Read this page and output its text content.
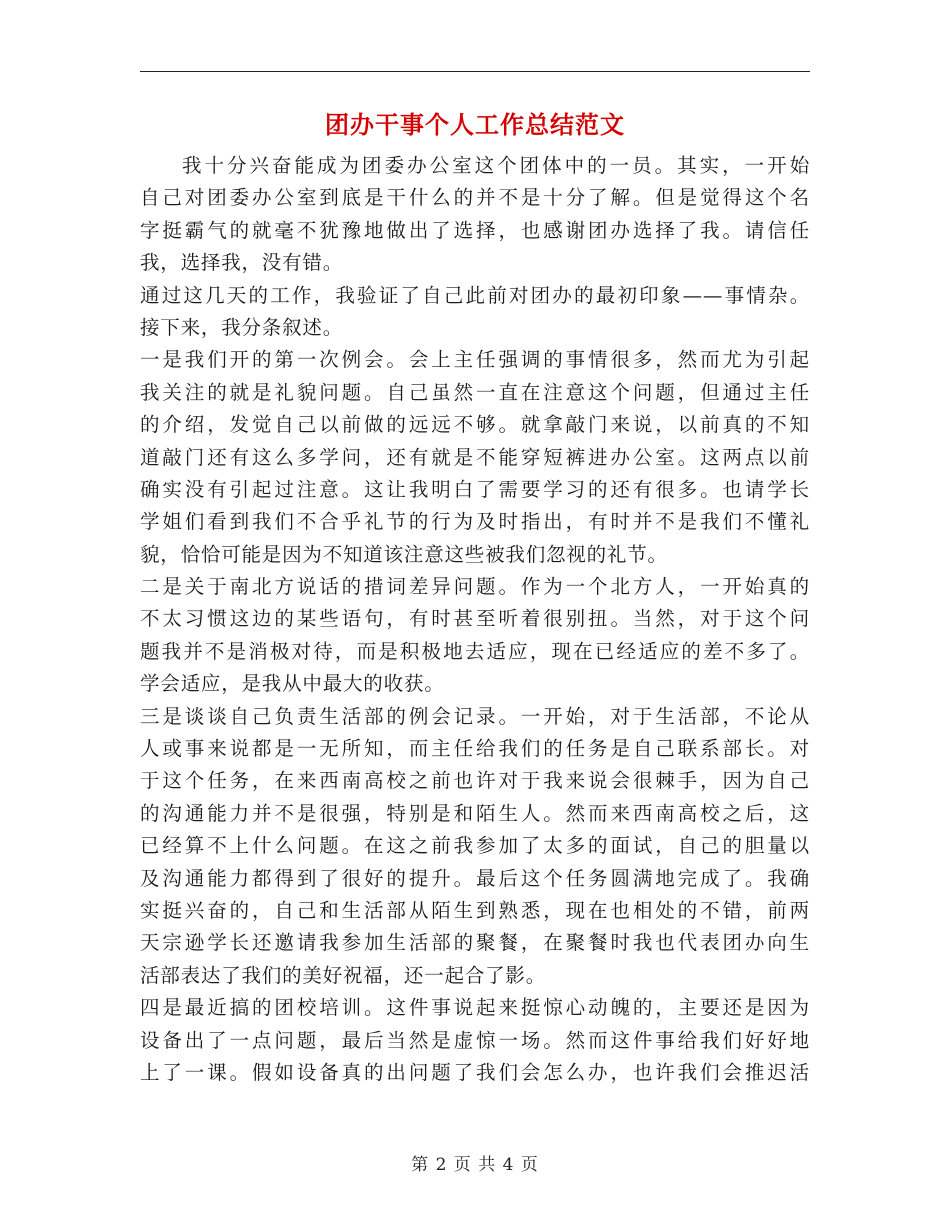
团办干事个人工作总结范文
我十分兴奋能成为团委办公室这个团体中的一员。其实，一开始
自己对团委办公室到底是干什么的并不是十分了解。但是觉得这个名
字挺霸气的就毫不犹豫地做出了选择，也感谢团办选择了我。请信任
我，选择我，没有错。
通过这几天的工作，我验证了自己此前对团办的最初印象——事情杂。
接下来，我分条叙述。
一是我们开的第一次例会。会上主任强调的事情很多，然而尤为引起
我关注的就是礼貌问题。自己虽然一直在注意这个问题，但通过主任
的介绍，发觉自己以前做的远远不够。就拿敲门来说，以前真的不知
道敲门还有这么多学问，还有就是不能穿短裤进办公室。这两点以前
确实没有引起过注意。这让我明白了需要学习的还有很多。也请学长
学姐们看到我们不合乎礼节的行为及时指出，有时并不是我们不懂礼
貌，恰恰可能是因为不知道该注意这些被我们忽视的礼节。
二是关于南北方说话的措词差异问题。作为一个北方人，一开始真的
不太习惯这边的某些语句，有时甚至听着很别扭。当然，对于这个问
题我并不是消极对待，而是积极地去适应，现在已经适应的差不多了。
学会适应，是我从中最大的收获。
三是谈谈自己负责生活部的例会记录。一开始，对于生活部，不论从
人或事来说都是一无所知，而主任给我们的任务是自己联系部长。对
于这个任务，在来西南高校之前也许对于我来说会很棘手，因为自己
的沟通能力并不是很强，特别是和陌生人。然而来西南高校之后，这
已经算不上什么问题。在这之前我参加了太多的面试，自己的胆量以
及沟通能力都得到了很好的提升。最后这个任务圆满地完成了。我确
实挺兴奋的，自己和生活部从陌生到熟悉，现在也相处的不错，前两
天宗逊学长还邀请我参加生活部的聚餐，在聚餐时我也代表团办向生
活部表达了我们的美好祝福，还一起合了影。
四是最近搞的团校培训。这件事说起来挺惊心动魄的，主要还是因为
设备出了一点问题，最后当然是虚惊一场。然而这件事给我们好好地
上了一课。假如设备真的出问题了我们会怎么办，也许我们会推迟活
第 2 页 共 4 页
